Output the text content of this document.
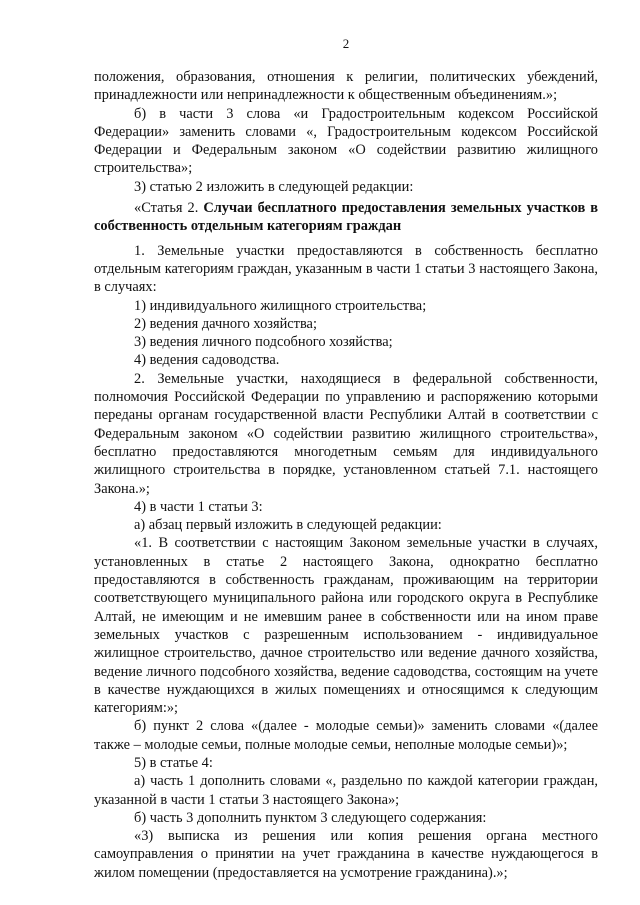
2

положения, образования, отношения к религии, политических убеждений, принадлежности или непринадлежности к общественным объединениям.»;

б) в части 3 слова «и Градостроительным кодексом Российской Федерации» заменить словами «, Градостроительным кодексом Российской Федерации и Федеральным законом «О содействии развитию жилищного строительства»;

3) статью 2 изложить в следующей редакции:

«Статья 2. Случаи бесплатного предоставления земельных участков в собственность отдельным категориям граждан

1. Земельные участки предоставляются в собственность бесплатно отдельным категориям граждан, указанным в части 1 статьи 3 настоящего Закона, в случаях:

1) индивидуального жилищного строительства;

2) ведения дачного хозяйства;

3) ведения личного подсобного хозяйства;

4) ведения садоводства.

2. Земельные участки, находящиеся в федеральной собственности, полномочия Российской Федерации по управлению и распоряжению которыми переданы органам государственной власти Республики Алтай в соответствии с Федеральным законом «О содействии развитию жилищного строительства», бесплатно предоставляются многодетным семьям для индивидуального жилищного строительства в порядке, установленном статьей 7.1. настоящего Закона.»;

4) в части 1 статьи 3:

а) абзац первый изложить в следующей редакции:

«1. В соответствии с настоящим Законом земельные участки в случаях, установленных в статье 2 настоящего Закона, однократно бесплатно предоставляются в собственность гражданам, проживающим на территории соответствующего муниципального района или городского округа в Республике Алтай, не имеющим и не имевшим ранее в собственности или на ином праве земельных участков с разрешенным использованием - индивидуальное жилищное строительство, дачное строительство или ведение дачного хозяйства, ведение личного подсобного хозяйства, ведение садоводства, состоящим на учете в качестве нуждающихся в жилых помещениях и относящимся к следующим категориям:»;

б) пункт 2 слова «(далее - молодые семьи)» заменить словами «(далее также – молодые семьи, полные молодые семьи, неполные молодые семьи)»;

5) в статье 4:

а) часть 1 дополнить словами «, раздельно по каждой категории граждан, указанной в части 1 статьи 3 настоящего Закона»;

б) часть 3 дополнить пунктом 3 следующего содержания:

«3) выписка из решения или копия решения органа местного самоуправления о принятии на учет гражданина в качестве нуждающегося в жилом помещении (предоставляется на усмотрение гражданина).»;
